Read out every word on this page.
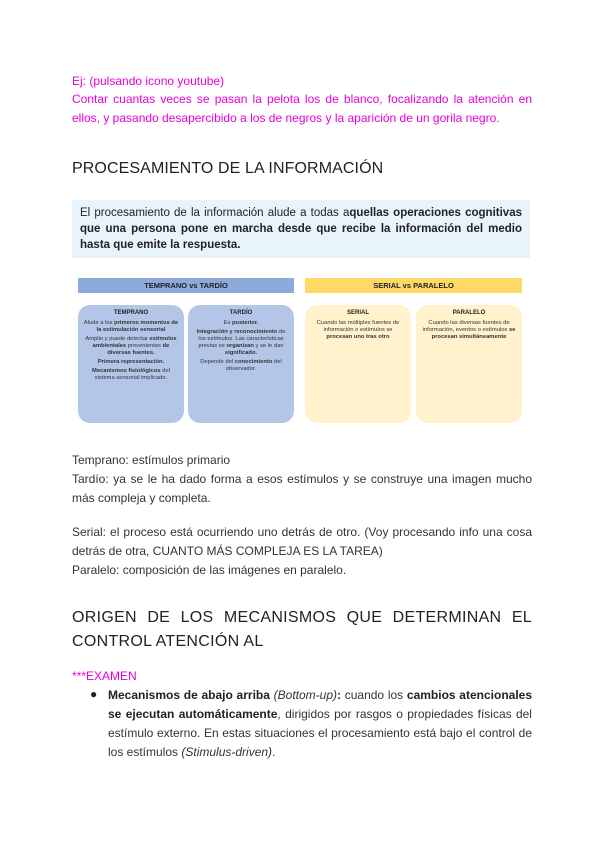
Ej: (pulsando icono youtube)
Contar cuantas veces se pasan la pelota los de blanco, focalizando la atención en ellos, y pasando desapercibido a los de negros y la aparición de un gorila negro.
PROCESAMIENTO DE LA INFORMACIÓN
El procesamiento de la información alude a todas aquellas operaciones cognitivas que una persona pone en marcha desde que recibe la información del medio hasta que emite la respuesta.
TEMPRANO vs TARDÍO	SERIAL vs PARALELO
TEMPRANO

Alude a los primeros momentos de la estimulación sensorial

Amplio y puede detectar estímulos ambientales provenientes de diversas fuentes.

Primera representación.

Mecanismos fisiológicos del sistema sensorial implicado.

TARDÍO

Es posterior.

Integración y reconocimiento de los estímulos. Las características previas se organizan y se le dan significado.

Depende del conocimiento del observador.

SERIAL

Cuando las múltiples fuentes de información o estímulos se procesan uno tras otro

PARALELO

Cuando las diversas fuentes de información, eventos o estímulos se procesan simultáneamente

Temprano: estímulos primario
Tardío: ya se le ha dado forma a esos estímulos y se construye una imagen mucho más compleja y completa.
Serial: el proceso está ocurriendo uno detrás de otro. (Voy procesando info una cosa detrás de otra, CUANTO MÁS COMPLEJA ES LA TAREA)
Paralelo: composición de las imágenes en paralelo.
ORIGEN DE LOS MECANISMOS QUE DETERMINAN EL CONTROL ATENCIÓN AL
***EXAMEN
● Mecanismos de abajo arriba (Bottom-up): cuando los cambios atencionales se ejecutan automáticamente, dirigidos por rasgos o propiedades físicas del estímulo externo. En estas situaciones el procesamiento está bajo el control de los estímulos (Stimulus-driven).
